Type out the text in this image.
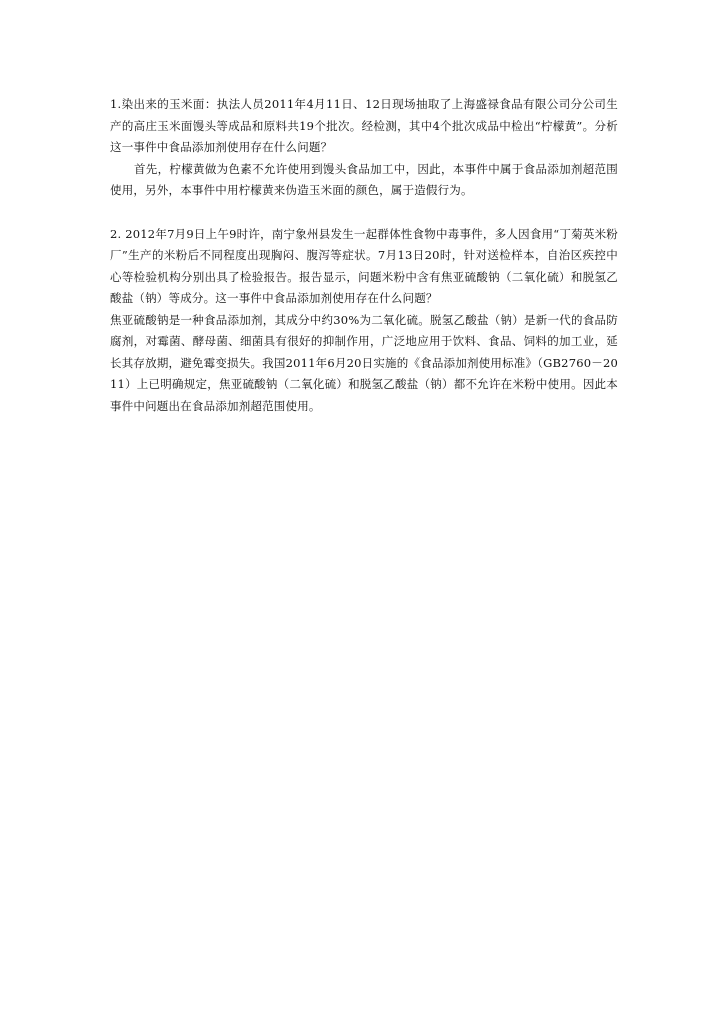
1.染出来的玉米面：执法人员2011年4月11日、12日现场抽取了上海盛禄食品有限公司分公司生产的高庄玉米面馒头等成品和原料共19个批次。经检测，其中4个批次成品中检出“柠檬黄”。分析这一事件中食品添加剂使用存在什么问题？

首先，柠檬黄做为色素不允许使用到馒头食品加工中，因此，本事件中属于食品添加剂超范围使用，另外，本事件中用柠檬黄来伪造玉米面的颜色，属于造假行为。

2. 2012年7月9日上午9时许，南宁象州县发生一起群体性食物中毒事件，多人因食用“丁菊英米粉厂”生产的米粉后不同程度出现胸闷、腹泻等症状。7月13日20时，针对送检样本，自治区疾控中心等检验机构分别出具了检验报告。报告显示，问题米粉中含有焦亚硫酸钠（二氧化硫）和脱氢乙酸盐（钠）等成分。这一事件中食品添加剂使用存在什么问题？

焦亚硫酸钠是一种食品添加剂，其成分中约30%为二氧化硫。脱氢乙酸盐（钠）是新一代的食品防腐剂，对霉菌、酵母菌、细菌具有很好的抑制作用，广泛地应用于饮料、食品、饲料的加工业，延长其存放期，避免霉变损失。我国2011年6月20日实施的《食品添加剂使用标准》（GB2760－2011）上已明确规定，焦亚硫酸钠（二氧化硫）和脱氢乙酸盐（钠）都不允许在米粉中使用。因此本事件中问题出在食品添加剂超范围使用。
